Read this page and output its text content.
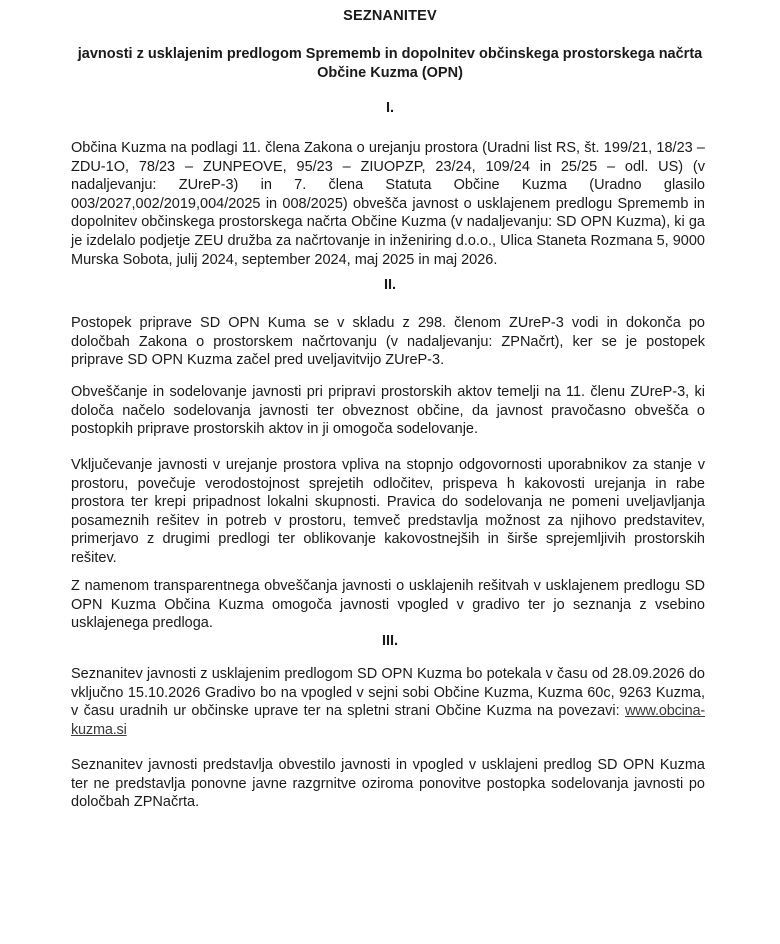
SEZNANITEV
javnosti z usklajenim predlogom Sprememb in dopolnitev občinskega prostorskega načrta Občine Kuzma (OPN)
I.

Občina Kuzma na podlagi 11. člena Zakona o urejanju prostora (Uradni list RS, št. 199/21, 18/23 – ZDU-1O, 78/23 – ZUNPEOVE, 95/23 – ZIUOPZP, 23/24, 109/24 in 25/25 – odl. US) (v nadaljevanju: ZUreP-3) in 7. člena Statuta Občine Kuzma (Uradno glasilo 003/2027,002/2019,004/2025 in 008/2025) obvešča javnost o usklajenem predlogu Sprememb in dopolnitev občinskega prostorskega načrta Občine Kuzma (v nadaljevanju: SD OPN Kuzma), ki ga je izdelalo podjetje ZEU družba za načrtovanje in inženiring d.o.o., Ulica Staneta Rozmana 5, 9000 Murska Sobota, julij 2024, september 2024, maj 2025 in maj 2026.

II.

Postopek priprave SD OPN Kuma se v skladu z 298. členom ZUreP-3 vodi in dokonča po določbah Zakona o prostorskem načrtovanju (v nadaljevanju: ZPNačrt), ker se je postopek priprave SD OPN Kuzma začel pred uveljavitvijo ZUreP-3.

Obveščanje in sodelovanje javnosti pri pripravi prostorskih aktov temelji na 11. členu ZUreP-3, ki določa načelo sodelovanja javnosti ter obveznost občine, da javnost pravočasno obvešča o postopkih priprave prostorskih aktov in ji omogoča sodelovanje.

Vključevanje javnosti v urejanje prostora vpliva na stopnjo odgovornosti uporabnikov za stanje v prostoru, povečuje verodostojnost sprejetih odločitev, prispeva h kakovosti urejanja in rabe prostora ter krepi pripadnost lokalni skupnosti. Pravica do sodelovanja ne pomeni uveljavljanja posameznih rešitev in potreb v prostoru, temveč predstavlja možnost za njihovo predstavitev, primerjavo z drugimi predlogi ter oblikovanje kakovostnejših in širše sprejemljivih prostorskih rešitev.

Z namenom transparentnega obveščanja javnosti o usklajenih rešitvah v usklajenem predlogu SD OPN Kuzma Občina Kuzma omogoča javnosti vpogled v gradivo ter jo seznanja z vsebino usklajenega predloga.

III.

Seznanitev javnosti z usklajenim predlogom SD OPN Kuzma bo potekala v času od 28.09.2026 do vključno 15.10.2026 Gradivo bo na vpogled v sejni sobi Občine Kuzma, Kuzma 60c, 9263 Kuzma, v času uradnih ur občinske uprave ter na spletni strani Občine Kuzma na povezavi: www.obcina-kuzma.si

Seznanitev javnosti predstavlja obvestilo javnosti in vpogled v usklajeni predlog SD OPN Kuzma ter ne predstavlja ponovne javne razgrnitve oziroma ponovitve postopka sodelovanja javnosti po določbah ZPNačrta.
